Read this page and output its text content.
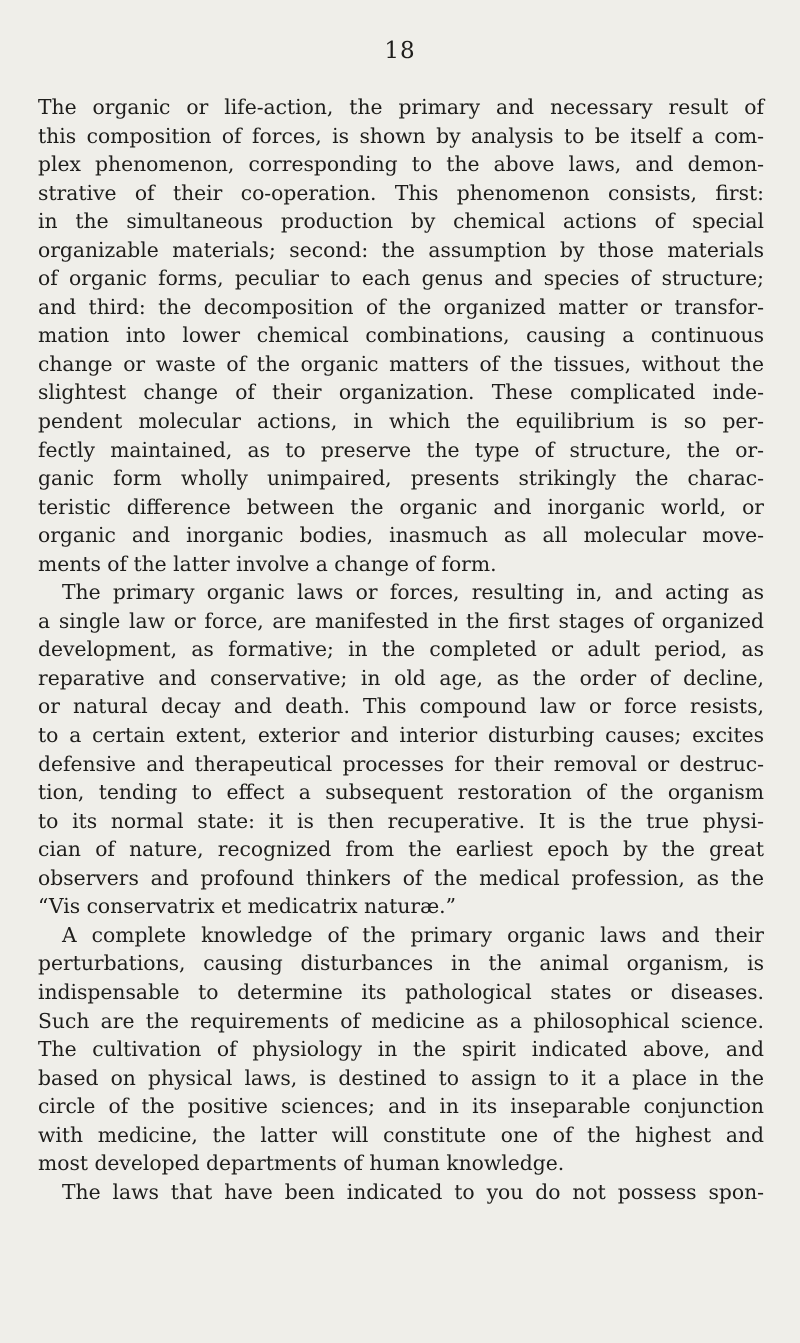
18
The organic or life-action, the primary and necessary result of
this composition of forces, is shown by analysis to be itself a com-
plex phenomenon, corresponding to the above laws, and demon-
strative of their co-operation. This phenomenon consists, first:
in the simultaneous production by chemical actions of special
organizable materials; second: the assumption by those materials
of organic forms, peculiar to each genus and species of structure;
and third: the decomposition of the organized matter or transfor-
mation into lower chemical combinations, causing a continuous
change or waste of the organic matters of the tissues, without the
slightest change of their organization. These complicated inde-
pendent molecular actions, in which the equilibrium is so per-
fectly maintained, as to preserve the type of structure, the or-
ganic form wholly unimpaired, presents strikingly the charac-
teristic difference between the organic and inorganic world, or
organic and inorganic bodies, inasmuch as all molecular move-
ments of the latter involve a change of form.
The primary organic laws or forces, resulting in, and acting as
a single law or force, are manifested in the first stages of organized
development, as formative; in the completed or adult period, as
reparative and conservative; in old age, as the order of decline,
or natural decay and death. This compound law or force resists,
to a certain extent, exterior and interior disturbing causes; excites
defensive and therapeutical processes for their removal or destruc-
tion, tending to effect a subsequent restoration of the organism
to its normal state: it is then recuperative. It is the true physi-
cian of nature, recognized from the earliest epoch by the great
observers and profound thinkers of the medical profession, as the
“Vis conservatrix et medicatrix naturæ.”
A complete knowledge of the primary organic laws and their
perturbations, causing disturbances in the animal organism, is
indispensable to determine its pathological states or diseases.
Such are the requirements of medicine as a philosophical science.
The cultivation of physiology in the spirit indicated above, and
based on physical laws, is destined to assign to it a place in the
circle of the positive sciences; and in its inseparable conjunction
with medicine, the latter will constitute one of the highest and
most developed departments of human knowledge.
The laws that have been indicated to you do not possess spon-
